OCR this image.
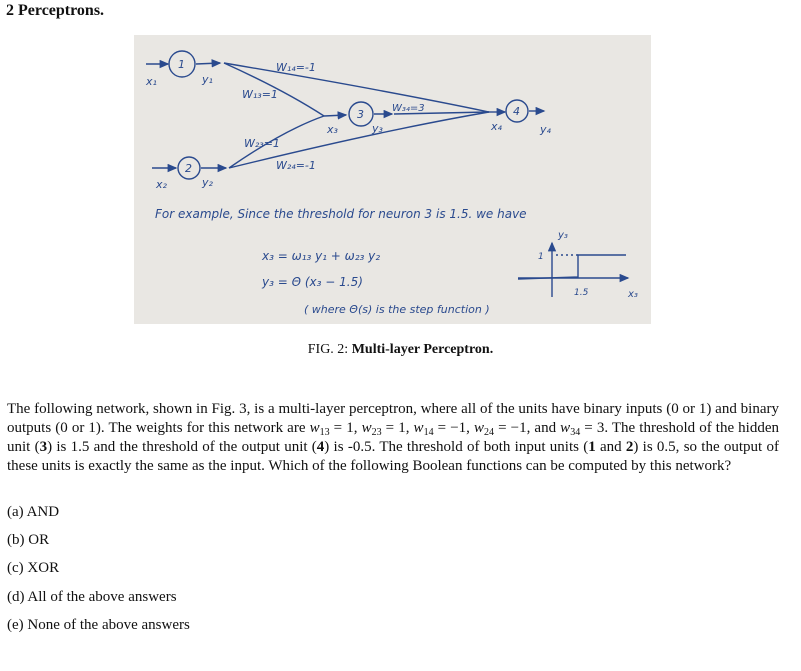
2 Perceptrons.
1
2
3	4
x₁	y₁
x₂	y₂
x₃	y₃	x₄	y₄
W₁₄=-1
W₁₃=1
W₃₄=3
W₂₃=1
W₂₄=-1
For example, Since the threshold for neuron 3 is 1.5. we have
x₃ = ω₁₃ y₁ + ω₂₃ y₂
y₃ = Θ (x₃ − 1.5)
( where Θ(s) is the step function )
y₃
x₃
1
1.5
FIG. 2: Multi-layer Perceptron.
The following network, shown in Fig. 3, is a multi-layer perceptron, where all of the units have binary inputs (0 or 1) and binary outputs (0 or 1). The weights for this network are $w_{13} = 1$, $w_{23} = 1$, $w_{14} = -1$, $w_{24} = -1$, and $w_{34} = 3$. The threshold of the hidden unit (3) is 1.5 and the threshold of the output unit (4) is -0.5. The threshold of both input units (1 and 2) is 0.5, so the output of these units is exactly the same as the input. Which of the following Boolean functions can be computed by this network?
(a) AND
(b) OR
(c) XOR
(d) All of the above answers
(e) None of the above answers
